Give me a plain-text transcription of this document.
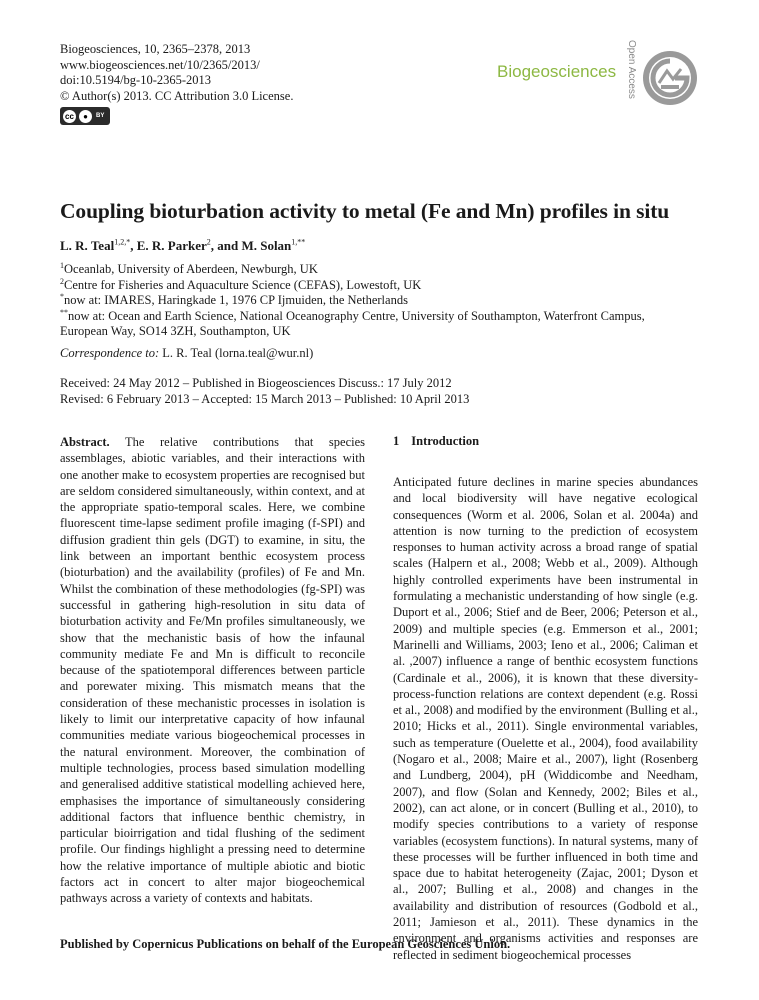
Biogeosciences, 10, 2365–2378, 2013
www.biogeosciences.net/10/2365/2013/
doi:10.5194/bg-10-2365-2013
© Author(s) 2013. CC Attribution 3.0 License.
cc	●	BY
Biogeosciences Open Access
Coupling bioturbation activity to metal (Fe and Mn) profiles in situ
L. R. Teal$^{1,2,*}$, E. R. Parker$^2$, and M. Solan$^{1,**}$
$^1$Oceanlab, University of Aberdeen, Newburgh, UK
$^2$Centre for Fisheries and Aquaculture Science (CEFAS), Lowestoft, UK
*now at: IMARES, Haringkade 1, 1976 CP Ijmuiden, the Netherlands
**now at: Ocean and Earth Science, National Oceanography Centre, University of Southampton, Waterfront Campus,
European Way, SO14 3ZH, Southampton, UK
Correspondence to: L. R. Teal (lorna.teal@wur.nl)
Received: 24 May 2012 – Published in Biogeosciences Discuss.: 17 July 2012
Revised: 6 February 2013 – Accepted: 15 March 2013 – Published: 10 April 2013
Abstract. The relative contributions that species assemblages, abiotic variables, and their interactions with one another make to ecosystem properties are recognised but are seldom considered simultaneously, within context, and at the appropriate spatio-temporal scales. Here, we combine fluorescent time-lapse sediment profile imaging (f-SPI) and diffusion gradient thin gels (DGT) to examine, in situ, the link between an important benthic ecosystem process (bioturbation) and the availability (profiles) of Fe and Mn. Whilst the combination of these methodologies (fg-SPI) was successful in gathering high-resolution in situ data of bioturbation activity and Fe/Mn profiles simultaneously, we show that the mechanistic basis of how the infaunal community mediate Fe and Mn is difficult to reconcile because of the spatiotemporal differences between particle and porewater mixing. This mismatch means that the consideration of these mechanistic processes in isolation is likely to limit our interpretative capacity of how infaunal communities mediate various biogeochemical processes in the natural environment. Moreover, the combination of multiple technologies, process based simulation modelling and generalised additive statistical modelling achieved here, emphasises the importance of simultaneously considering additional factors that influence benthic chemistry, in particular bioirrigation and tidal flushing of the sediment profile. Our findings highlight a pressing need to determine how the relative importance of multiple abiotic and biotic factors act in concert to alter major biogeochemical pathways across a variety of contexts and habitats.
1 Introduction
Anticipated future declines in marine species abundances and local biodiversity will have negative ecological consequences (Worm et al. 2006, Solan et al. 2004a) and attention is now turning to the prediction of ecosystem responses to human activity across a broad range of spatial scales (Halpern et al., 2008; Webb et al., 2009). Although highly controlled experiments have been instrumental in formulating a mechanistic understanding of how single (e.g. Duport et al., 2006; Stief and de Beer, 2006; Peterson et al., 2009) and multiple species (e.g. Emmerson et al., 2001; Marinelli and Williams, 2003; Ieno et al., 2006; Caliman et al. ,2007) influence a range of benthic ecosystem functions (Cardinale et al., 2006), it is known that these diversity-process-function relations are context dependent (e.g. Rossi et al., 2008) and modified by the environment (Bulling et al., 2010; Hicks et al., 2011). Single environmental variables, such as temperature (Ouelette et al., 2004), food availability (Nogaro et al., 2008; Maire et al., 2007), light (Rosenberg and Lundberg, 2004), pH (Widdicombe and Needham, 2007), and flow (Solan and Kennedy, 2002; Biles et al., 2002), can act alone, or in concert (Bulling et al., 2010), to modify species contributions to a variety of response variables (ecosystem functions). In natural systems, many of these processes will be further influenced in both time and space due to habitat heterogeneity (Zajac, 2001; Dyson et al., 2007; Bulling et al., 2008) and changes in the availability and distribution of resources (Godbold et al., 2011; Jamieson et al., 2011). These dynamics in the environment and organisms activities and responses are reflected in sediment biogeochemical processes
Published by Copernicus Publications on behalf of the European Geosciences Union.
